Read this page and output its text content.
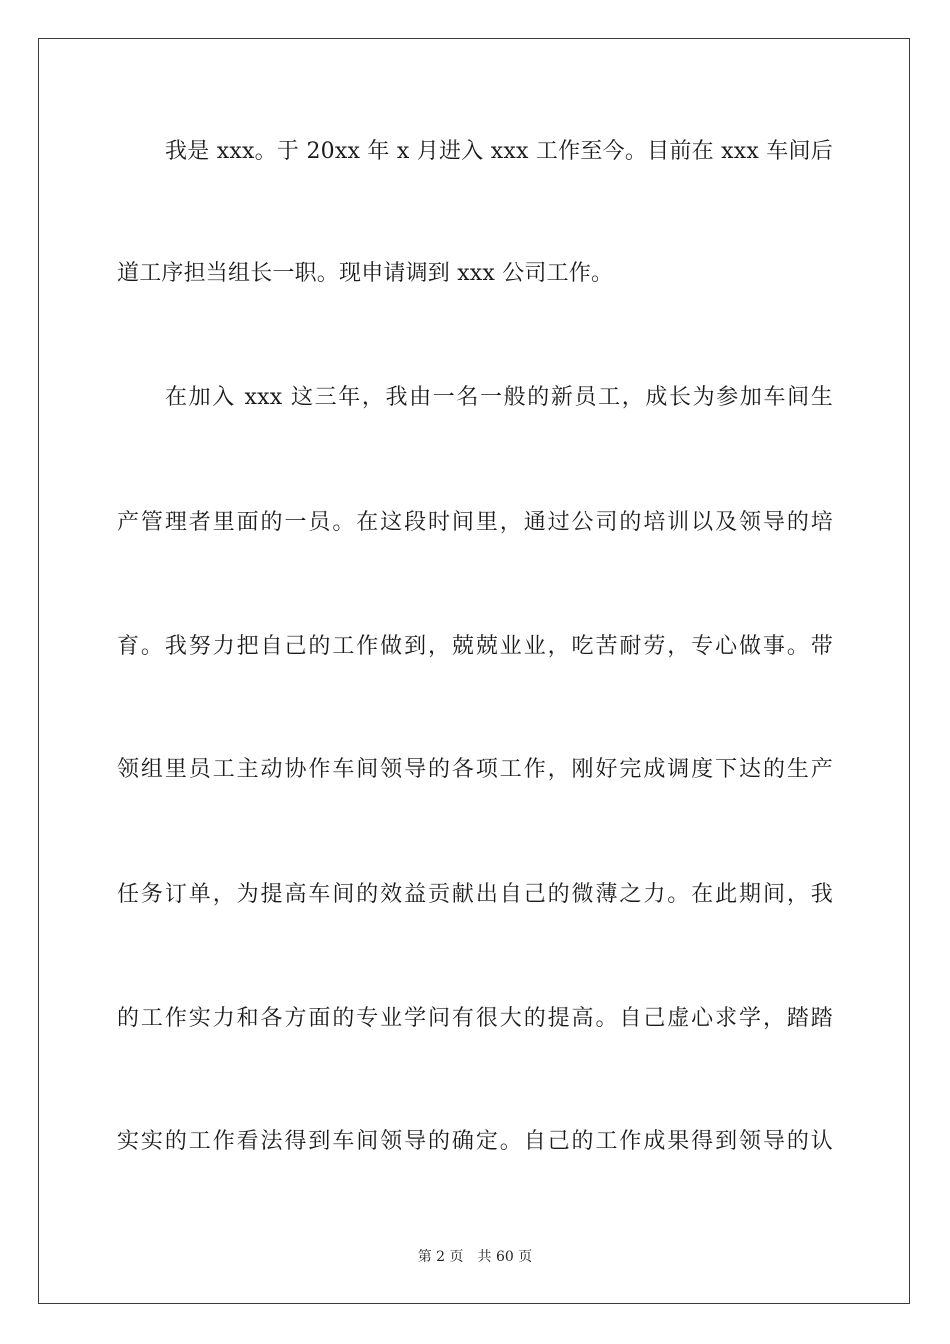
我是 xxx。于 20xx 年 x 月进入 xxx 工作至今。目前在 xxx 车间后
道工序担当组长一职。现申请调到 xxx 公司工作。
在加入 xxx 这三年，我由一名一般的新员工，成长为参加车间生
产管理者里面的一员。在这段时间里，通过公司的培训以及领导的培
育。我努力把自己的工作做到，兢兢业业，吃苦耐劳，专心做事。带
领组里员工主动协作车间领导的各项工作，刚好完成调度下达的生产
任务订单，为提高车间的效益贡献出自己的微薄之力。在此期间，我
的工作实力和各方面的专业学问有很大的提高。自己虚心求学，踏踏
实实的工作看法得到车间领导的确定。自己的工作成果得到领导的认
第 2 页 共 60 页
